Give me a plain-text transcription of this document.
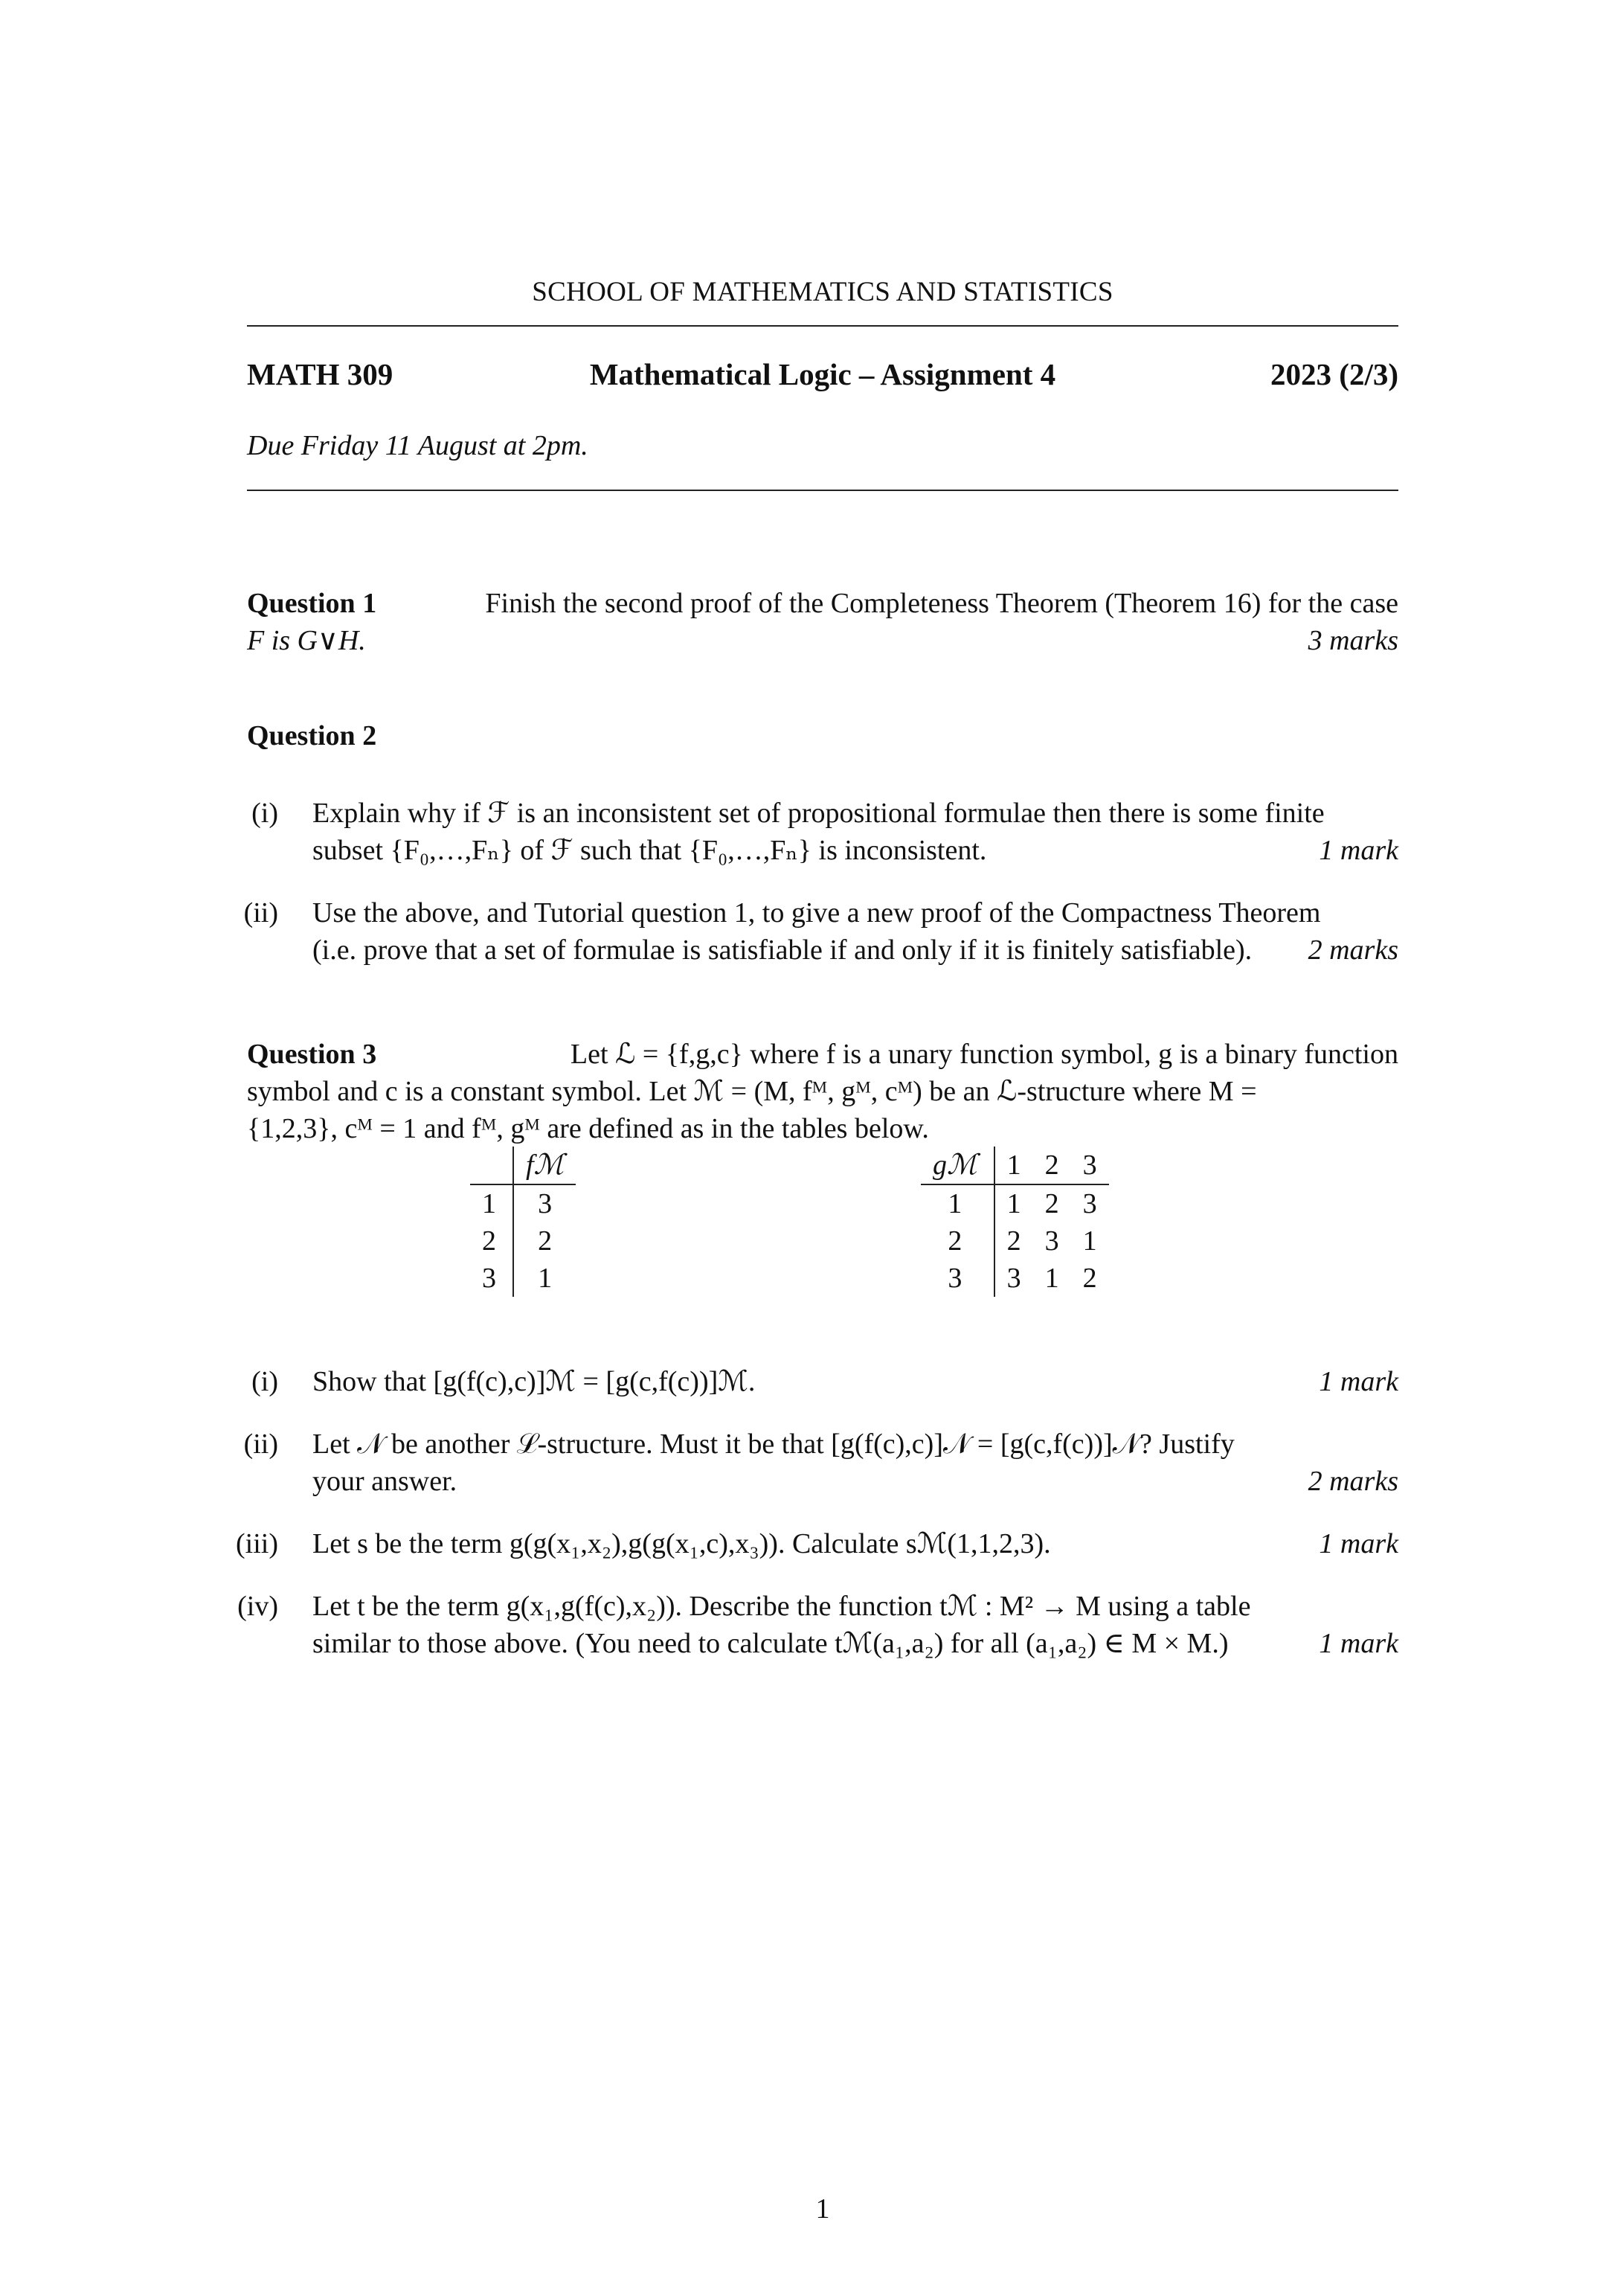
SCHOOL OF MATHEMATICS AND STATISTICS
MATH 309	Mathematical Logic – Assignment 4	2023 (2/3)
Due Friday 11 August at 2pm.
Question 1	Finish the second proof of the Completeness Theorem (Theorem 16) for the case
F is G∨H.	3 marks
Question 2
(i) Explain why if ℱ is an inconsistent set of propositional formulae then there is some finite
subset {F₀,…,Fₙ} of ℱ such that {F₀,…,Fₙ} is inconsistent.	1 mark
(ii) Use the above, and Tutorial question 1, to give a new proof of the Compactness Theorem
(i.e. prove that a set of formulae is satisfiable if and only if it is finitely satisfiable). 2 marks
Question 3	Let ℒ = {f,g,c} where f is a unary function symbol, g is a binary function
symbol and c is a constant symbol. Let ℳ = (M, fᴹ, gᴹ, cᴹ) be an ℒ-structure where M =
{1,2,3}, cᴹ = 1 and fᴹ, gᴹ are defined as in the tables below.
	fℳ
1	3
2	2
3	1
gℳ	1	2	3
1	1	2	3
2	2	3	1
3	3	1	2
(i) Show that [g(f(c),c)]ℳ = [g(c,f(c))]ℳ.	1 mark
(ii) Let 𝒩 be another ℒ-structure. Must it be that [g(f(c),c)]𝒩 = [g(c,f(c))]𝒩? Justify
your answer.	2 marks
(iii) Let s be the term g(g(x₁,x₂),g(g(x₁,c),x₃)). Calculate sℳ(1,1,2,3).	1 mark
(iv) Let t be the term g(x₁,g(f(c),x₂)). Describe the function tℳ : M² → M using a table
similar to those above. (You need to calculate tℳ(a₁,a₂) for all (a₁,a₂) ∈ M × M.)	1 mark
1
